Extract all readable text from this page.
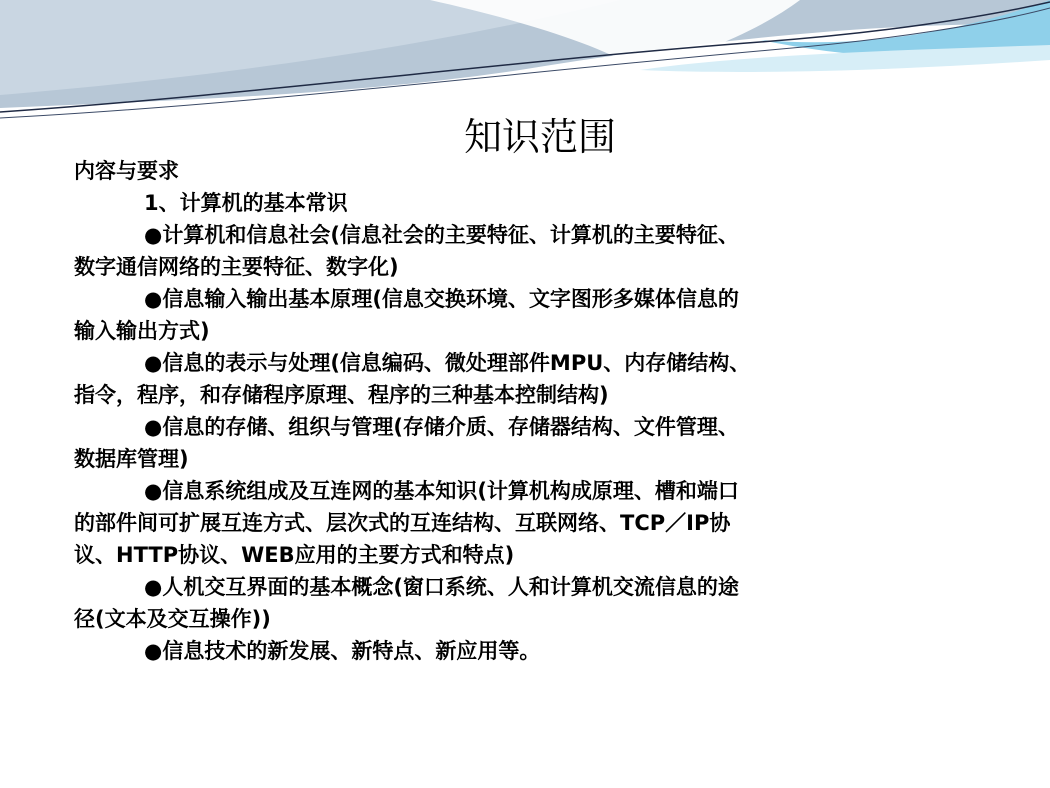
知识范围
内容与要求
1、计算机的基本常识
●计算机和信息社会(信息社会的主要特征、计算机的主要特征、
数字通信网络的主要特征、数字化)
●信息输入输出基本原理(信息交换环境、文字图形多媒体信息的
输入输出方式)
●信息的表示与处理(信息编码、微处理部件MPU、内存储结构、
指令，程序，和存储程序原理、程序的三种基本控制结构)
●信息的存储、组织与管理(存储介质、存储器结构、文件管理、
数据库管理)
●信息系统组成及互连网的基本知识(计算机构成原理、槽和端口
的部件间可扩展互连方式、层次式的互连结构、互联网络、TCP／IP协
议、HTTP协议、WEB应用的主要方式和特点)
●人机交互界面的基本概念(窗口系统、人和计算机交流信息的途
径(文本及交互操作))
●信息技术的新发展、新特点、新应用等。
